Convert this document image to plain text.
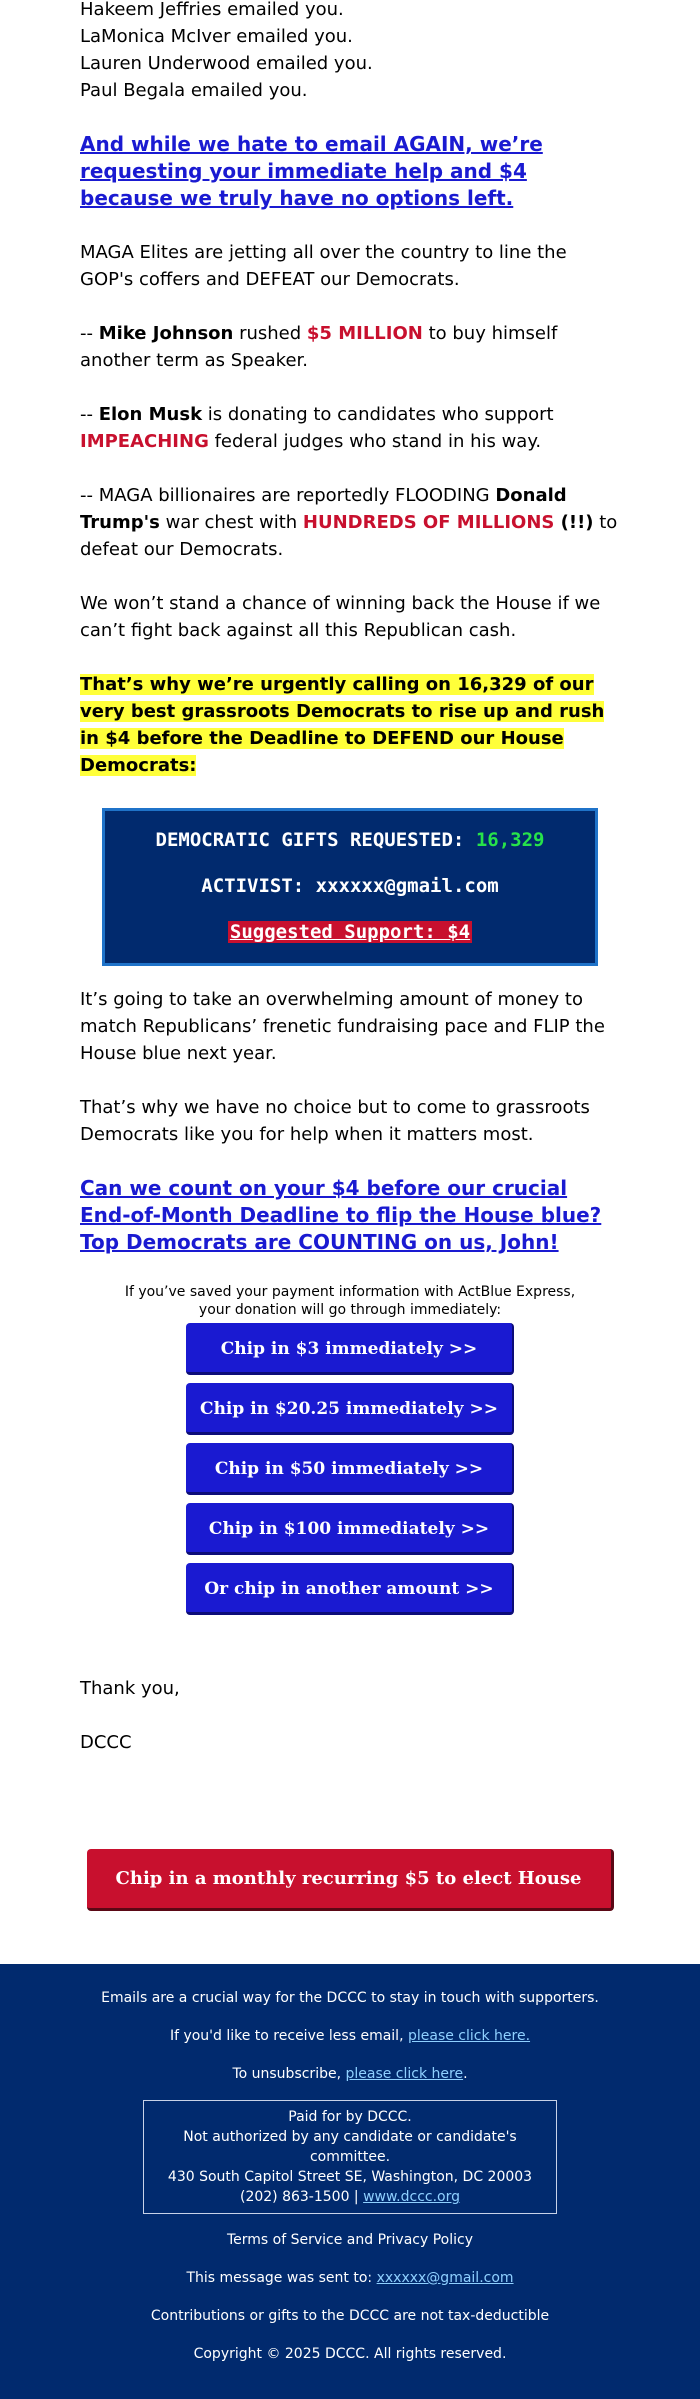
Hakeem Jeffries emailed you.

LaMonica McIver emailed you.

Lauren Underwood emailed you.

Paul Begala emailed you.

And while we hate to email AGAIN, we’re requesting your immediate help and $4 because we truly have no options left.

MAGA Elites are jetting all over the country to line the GOP's coffers and DEFEAT our Democrats.

-- Mike Johnson rushed $5 MILLION to buy himself another term as Speaker.

-- Elon Musk is donating to candidates who support IMPEACHING federal judges who stand in his way.

-- MAGA billionaires are reportedly FLOODING Donald Trump's war chest with HUNDREDS OF MILLIONS (!!) to defeat our Democrats.

We won’t stand a chance of winning back the House if we can’t fight back against all this Republican cash.

That’s why we’re urgently calling on 16,329 of our very best grassroots Democrats to rise up and rush in $4 before the Deadline to DEFEND our House Democrats:

DEMOCRATIC GIFTS REQUESTED: 16,329
ACTIVIST: xxxxxx@gmail.com
Suggested Support: $4

It’s going to take an overwhelming amount of money to match Republicans’ frenetic fundraising pace and FLIP the House blue next year.

That’s why we have no choice but to come to grassroots Democrats like you for help when it matters most.

Can we count on your $4 before our crucial End-of-Month Deadline to flip the House blue? Top Democrats are COUNTING on us, John!

If you’ve saved your payment information with ActBlue Express,

your donation will go through immediately:

Chip in $3 immediately >>
Chip in $20.25 immediately >>
Chip in $50 immediately >>
Chip in $100 immediately >>
Or chip in another amount >>

Thank you,

DCCC

Chip in a monthly recurring $5 to elect House Dems >>

Emails are a crucial way for the DCCC to stay in touch with supporters.

If you'd like to receive less email, please click here.

To unsubscribe, please click here.

Paid for by DCCC.
Not authorized by any candidate or candidate's committee.
430 South Capitol Street SE, Washington, DC 20003
(202) 863-1500 | www.dccc.org

Terms of Service and Privacy Policy

This message was sent to: xxxxxx@gmail.com

Contributions or gifts to the DCCC are not tax-deductible

Copyright © 2025 DCCC. All rights reserved.
